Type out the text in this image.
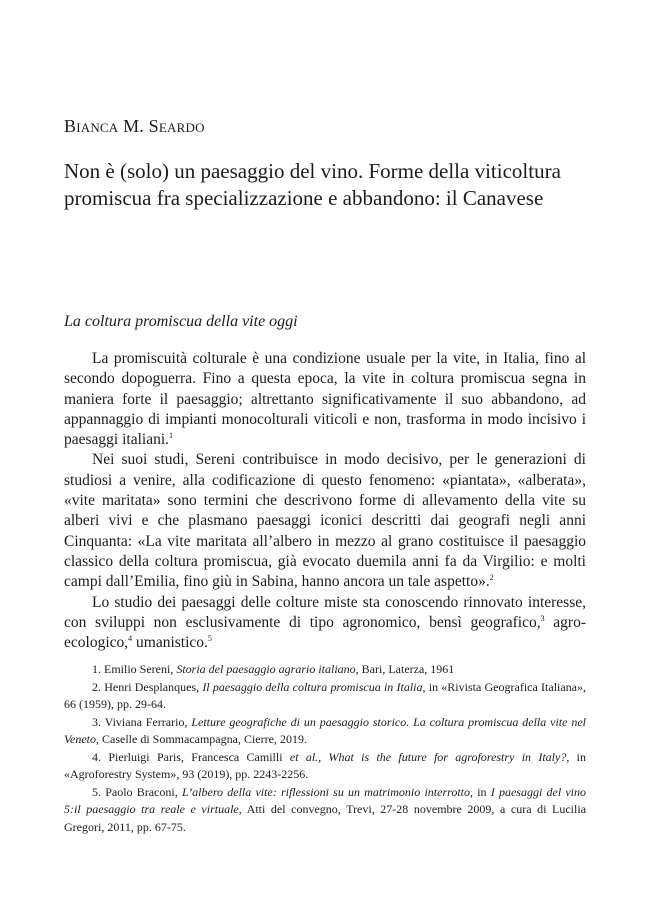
Bianca M. Seardo
Non è (solo) un paesaggio del vino. Forme della viticoltura promiscua fra specializzazione e abbandono: il Canavese
La coltura promiscua della vite oggi

La promiscuità colturale è una condizione usuale per la vite, in Italia, fino al secondo dopoguerra. Fino a questa epoca, la vite in coltura promiscua segna in maniera forte il paesaggio; altrettanto significativamente il suo abbandono, ad appannaggio di impianti monocolturali viticoli e non, trasforma in modo incisivo i paesaggi italiani.$^1$

Nei suoi studi, Sereni contribuisce in modo decisivo, per le generazioni di studiosi a venire, alla codificazione di questo fenomeno: «piantata», «alberata», «vite maritata» sono termini che descrivono forme di allevamento della vite su alberi vivi e che plasmano paesaggi iconici descritti dai geografi negli anni Cinquanta: «La vite maritata all’albero in mezzo al grano costituisce il paesaggio classico della coltura promiscua, già evocato duemila anni fa da Virgilio: e molti campi dall’Emilia, fino giù in Sabina, hanno ancora un tale aspetto».$^2$

Lo studio dei paesaggi delle colture miste sta conoscendo rinnovato interesse, con sviluppi non esclusivamente di tipo agronomico, bensì geografico,$^3$ agro-ecologico,$^4$ umanistico.$^5$

1. Emilio Sereni, Storia del paesaggio agrario italiano, Bari, Laterza, 1961

2. Henri Desplanques, Il paesaggio della coltura promiscua in Italia, in «Rivista Geografica Italiana», 66 (1959), pp. 29-64.

3. Viviana Ferrario, Letture geografiche di un paesaggio storico. La coltura promiscua della vite nel Veneto, Caselle di Sommacampagna, Cierre, 2019.

4. Pierluigi Paris, Francesca Camilli et al., What is the future for agroforestry in Italy?, in «Agroforestry System», 93 (2019), pp. 2243-2256.

5. Paolo Braconi, L’albero della vite: riflessioni su un matrimonio interrotto, in I paesaggi del vino 5:il paesaggio tra reale e virtuale, Atti del convegno, Trevi, 27-28 novembre 2009, a cura di Lucilia Gregori, 2011, pp. 67-75.
